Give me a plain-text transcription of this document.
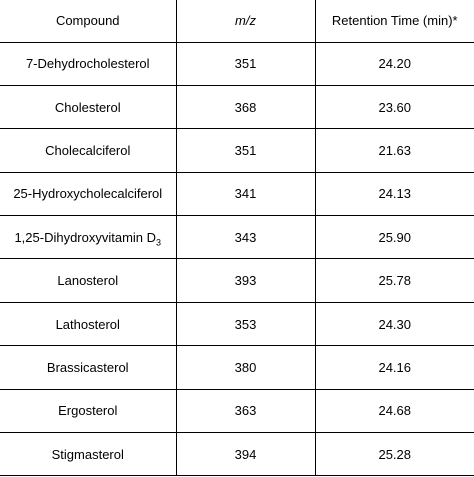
Compound	m/z	Retention Time (min)*
7-Dehydrocholesterol	351	24.20
Cholesterol	368	23.60
Cholecalciferol	351	21.63
25-Hydroxycholecalciferol	341	24.13
1,25-Dihydroxyvitamin $D_3$	343	25.90
Lanosterol	393	25.78
Lathosterol	353	24.30
Brassicasterol	380	24.16
Ergosterol	363	24.68
Stigmasterol	394	25.28
